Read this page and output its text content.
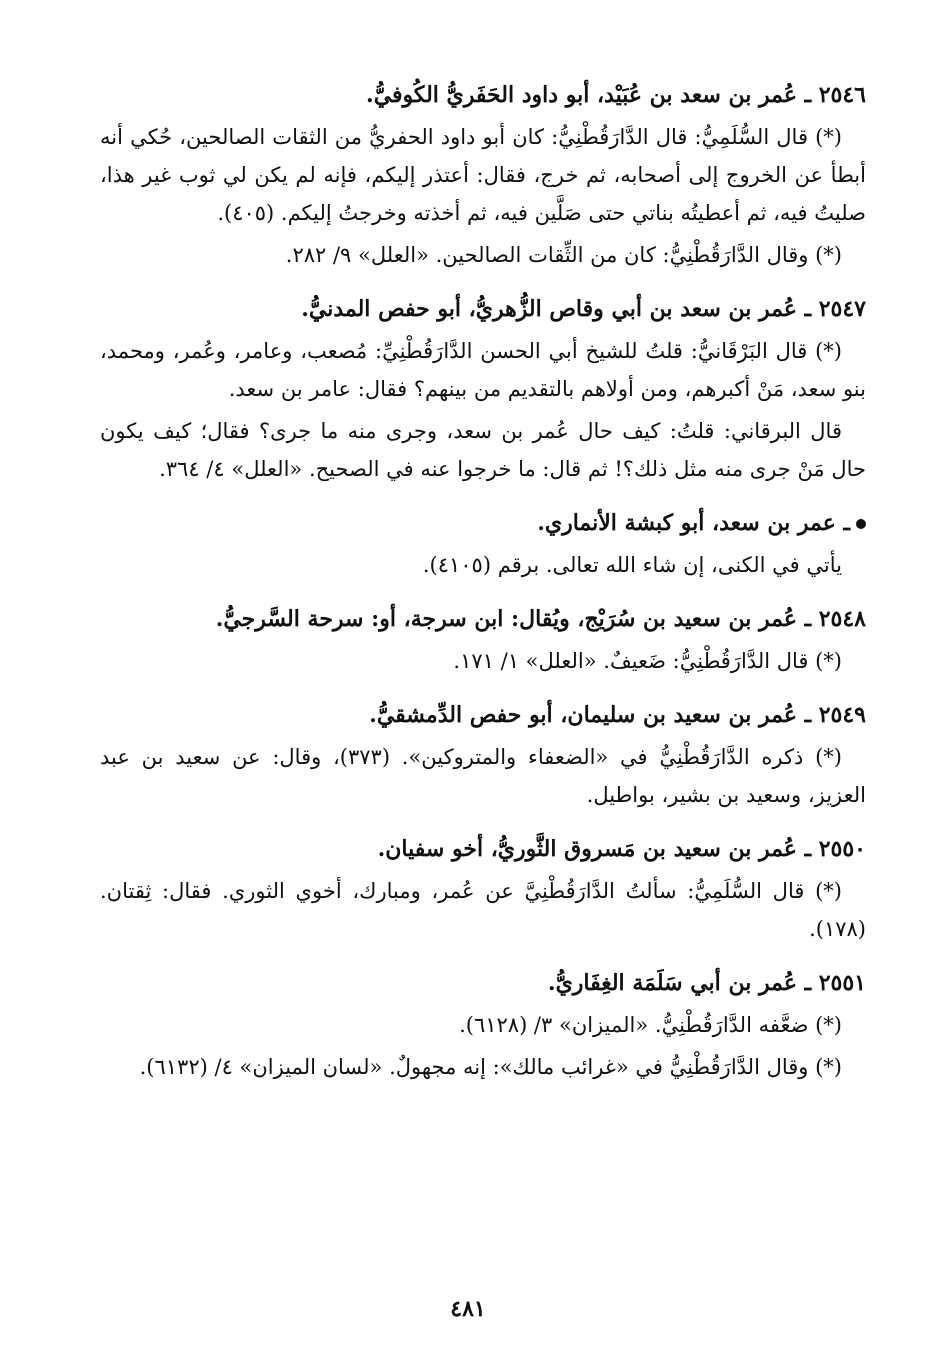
٢٥٤٦ ـ عُمر بن سعد بن عُبَيْد، أبو داود الحَفَريُّ الكُوفيُّ.

(*) قال السُّلَمِيُّ: قال الدَّارَقُطْنِيُّ: كان أبو داود الحفريُّ من الثقات الصالحين، حُكي أنه أبطأ عن الخروج إلى أصحابه، ثم خرج، فقال: أعتذر إليكم، فإنه لم يكن لي ثوب غير هذا، صليتُ فيه، ثم أعطيتُه بناتي حتى صَلَّين فيه، ثم أخذته وخرجتُ إليكم. (٤٠٥).

(*) وقال الدَّارَقُطْنِيُّ: كان من الثِّقات الصالحين. «العلل» ٩/ ٢٨٢.

٢٥٤٧ ـ عُمر بن سعد بن أبي وقاص الزُّهريُّ، أبو حفص المدنيُّ.

(*) قال البَرْقَانيُّ: قلتُ للشيخ أبي الحسن الدَّارَقُطْنِيِّ: مُصعب، وعامر، وعُمر، ومحمد، بنو سعد، مَنْ أكبرهم، ومن أولاهم بالتقديم من بينهم؟ فقال: عامر بن سعد.

قال البرقاني: قلتُ: كيف حال عُمر بن سعد، وجرى منه ما جرى؟ فقال؛ كيف يكون حال مَنْ جرى منه مثل ذلك؟! ثم قال: ما خرجوا عنه في الصحيح. «العلل» ٤/ ٣٦٤.

ـ عمر بن سعد، أبو كبشة الأنماري.

يأتي في الكنى، إن شاء الله تعالى. برقم (٤١٠٥).

٢٥٤٨ ـ عُمر بن سعيد بن سُرَيْج، ويُقال: ابن سرجة، أو: سرحة السَّرجيُّ.

(*) قال الدَّارَقُطْنِيُّ: ضَعيفٌ. «العلل» ١/ ١٧١.

٢٥٤٩ ـ عُمر بن سعيد بن سليمان، أبو حفص الدِّمشقيُّ.

(*) ذكره الدَّارَقُطْنِيُّ في «الضعفاء والمتروكين». (٣٧٣)، وقال: عن سعيد بن عبد العزيز، وسعيد بن بشير، بواطيل.

٢٥٥٠ ـ عُمر بن سعيد بن مَسروق الثَّوريُّ، أخو سفيان.

(*) قال السُّلَمِيُّ: سألتُ الدَّارَقُطْنِيَّ عن عُمر، ومبارك، أخوي الثوري. فقال: ثِقتان. (١٧٨).

٢٥٥١ ـ عُمر بن أبي سَلَمَة الغِفَاريُّ.

(*) ضعَّفه الدَّارَقُطْنِيُّ. «الميزان» ٣/ (٦١٢٨).

(*) وقال الدَّارَقُطْنِيُّ في «غرائب مالك»: إنه مجهولٌ. «لسان الميزان» ٤/ (٦١٣٢).

٤٨١
